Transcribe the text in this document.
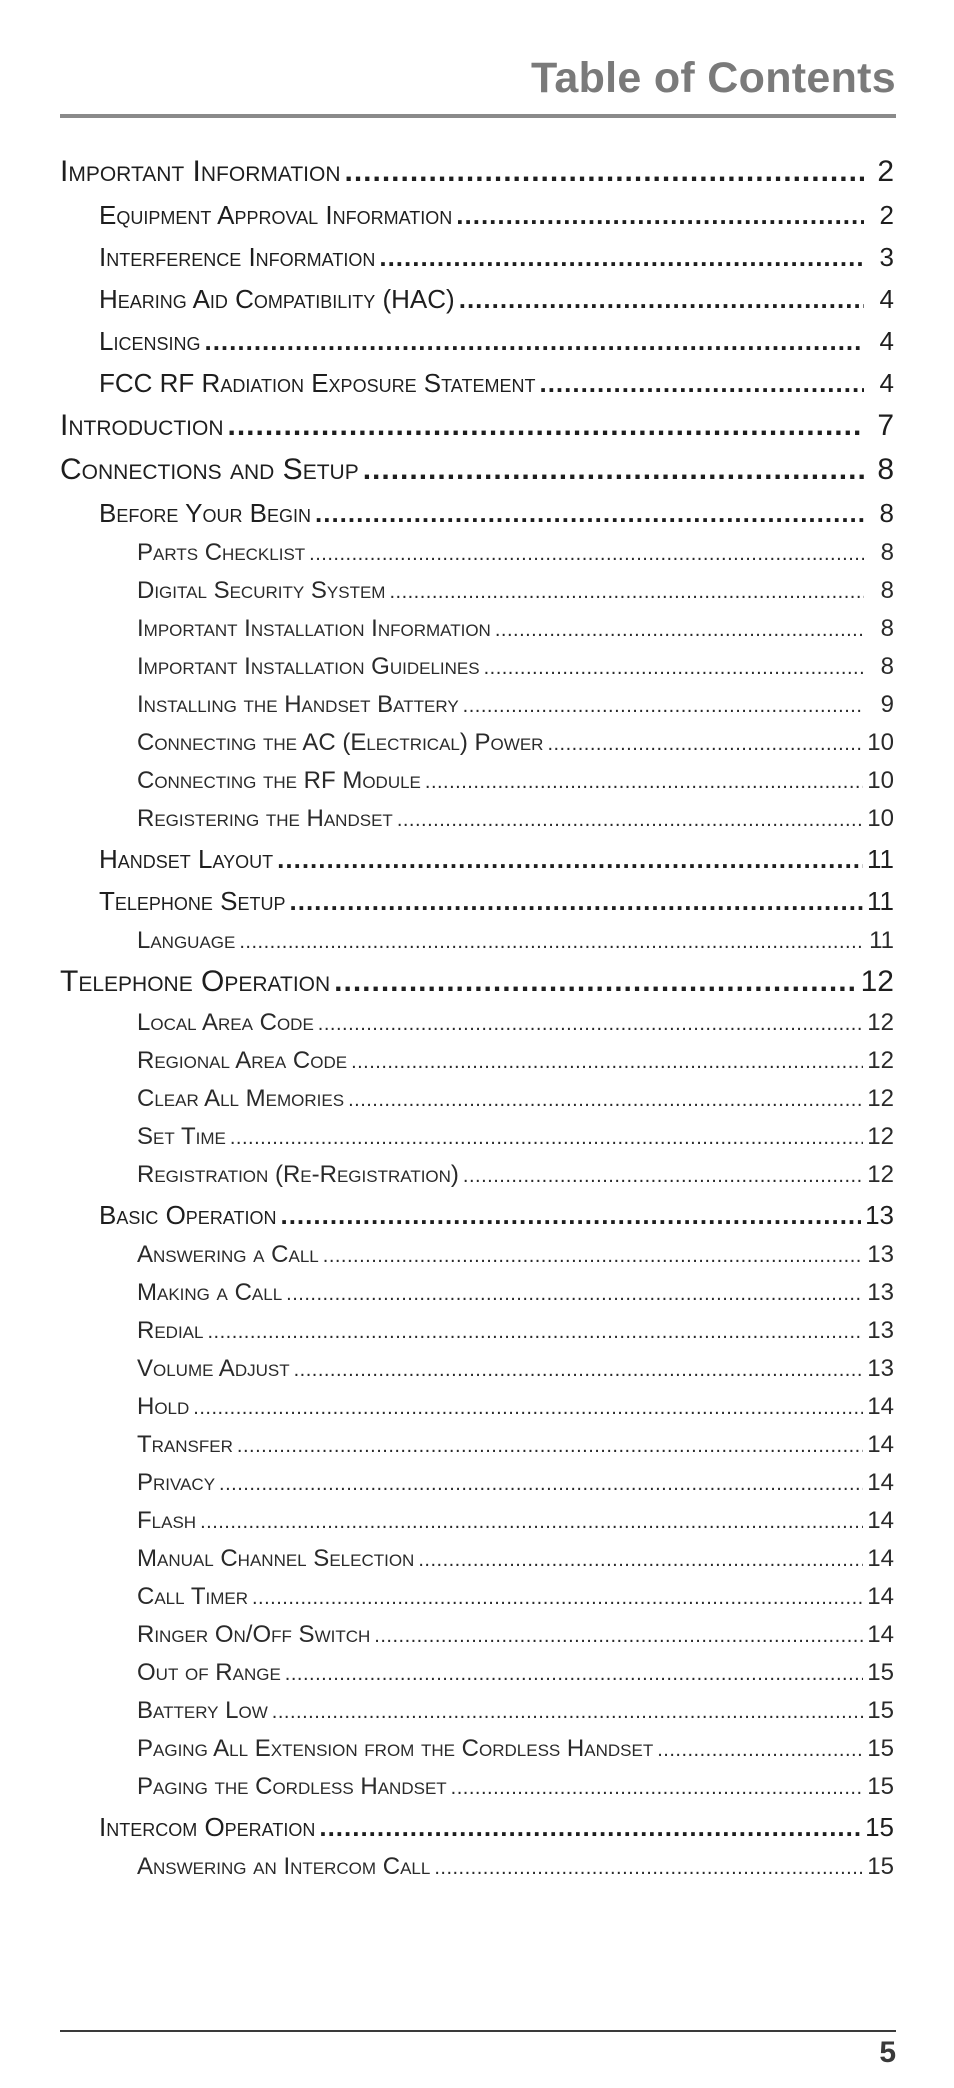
Table of Contents
Important Information .....	2
Equipment Approval Information .....	2
Interference Information .....	3
Hearing Aid Compatibility (HAC) .....	4
Licensing .....	4
FCC RF Radiation Exposure Statement .....	4
Introduction .....	7
Connections and Setup .....	8
Before Your Begin .....	8
Parts Checklist .....	8
Digital Security System .....	8
Important Installation Information .....	8
Important Installation Guidelines .....	8
Installing the Handset Battery .....	9
Connecting the AC (Electrical) Power .....	10
Connecting the RF Module .....	10
Registering the Handset .....	10
Handset Layout .....	11
Telephone Setup .....	11
Language .....	11
Telephone Operation .....	12
Local Area Code .....	12
Regional Area Code .....	12
Clear All Memories .....	12
Set Time .....	12
Registration (Re-Registration) .....	12
Basic Operation .....	13
Answering a Call .....	13
Making a Call .....	13
Redial .....	13
Volume Adjust .....	13
Hold .....	14
Transfer .....	14
Privacy .....	14
Flash .....	14
Manual Channel Selection .....	14
Call Timer .....	14
Ringer On/Off Switch .....	14
Out of Range .....	15
Battery Low .....	15
Paging All Extension from the Cordless Handset .....	15
Paging the Cordless Handset .....	15
Intercom Operation .....	15
Answering an Intercom Call .....	15
5
